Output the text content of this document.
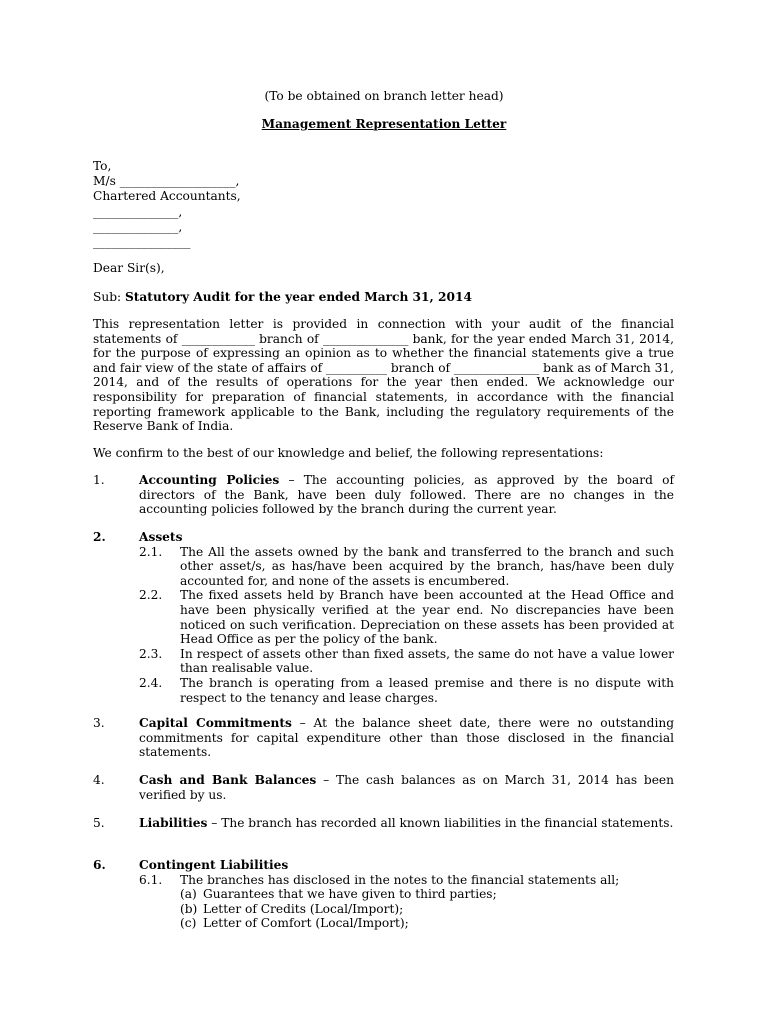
(To be obtained on branch letter head)

Management Representation Letter

To,
M/s ___________________,
Chartered Accountants,
______________,
______________,
________________

Dear Sir(s),

Sub: Statutory Audit for the year ended March 31, 2014

This representation letter is provided in connection with your audit of the financial statements of ____________ branch of ______________ bank, for the year ended March 31, 2014, for the purpose of expressing an opinion as to whether the financial statements give a true and fair view of the state of affairs of __________ branch of ______________ bank as of March 31, 2014, and of the results of operations for the year then ended. We acknowledge our responsibility for preparation of financial statements, in accordance with the financial reporting framework applicable to the Bank, including the regulatory requirements of the Reserve Bank of India.

We confirm to the best of our knowledge and belief, the following representations:

1.	Accounting Policies – The accounting policies, as approved by the board of directors of the Bank, have been duly followed. There are no changes in the accounting policies followed by the branch during the current year.

2.	Assets

2.1. The All the assets owned by the bank and transferred to the branch and such other asset/s, as has/have been acquired by the branch, has/have been duly accounted for, and none of the assets is encumbered.

2.2. The fixed assets held by Branch have been accounted at the Head Office and have been physically verified at the year end. No discrepancies have been noticed on such verification. Depreciation on these assets has been provided at Head Office as per the policy of the bank.

2.3. In respect of assets other than fixed assets, the same do not have a value lower than realisable value.

2.4. The branch is operating from a leased premise and there is no dispute with respect to the tenancy and lease charges.

3.	Capital Commitments – At the balance sheet date, there were no outstanding commitments for capital expenditure other than those disclosed in the financial statements.

4.	Cash and Bank Balances – The cash balances as on March 31, 2014 has been verified by us.

5.	Liabilities – The branch has recorded all known liabilities in the financial statements.

6.	Contingent Liabilities

6.1. The branches has disclosed in the notes to the financial statements all;

(a) Guarantees that we have given to third parties;

(b) Letter of Credits (Local/Import);

(c) Letter of Comfort (Local/Import);
